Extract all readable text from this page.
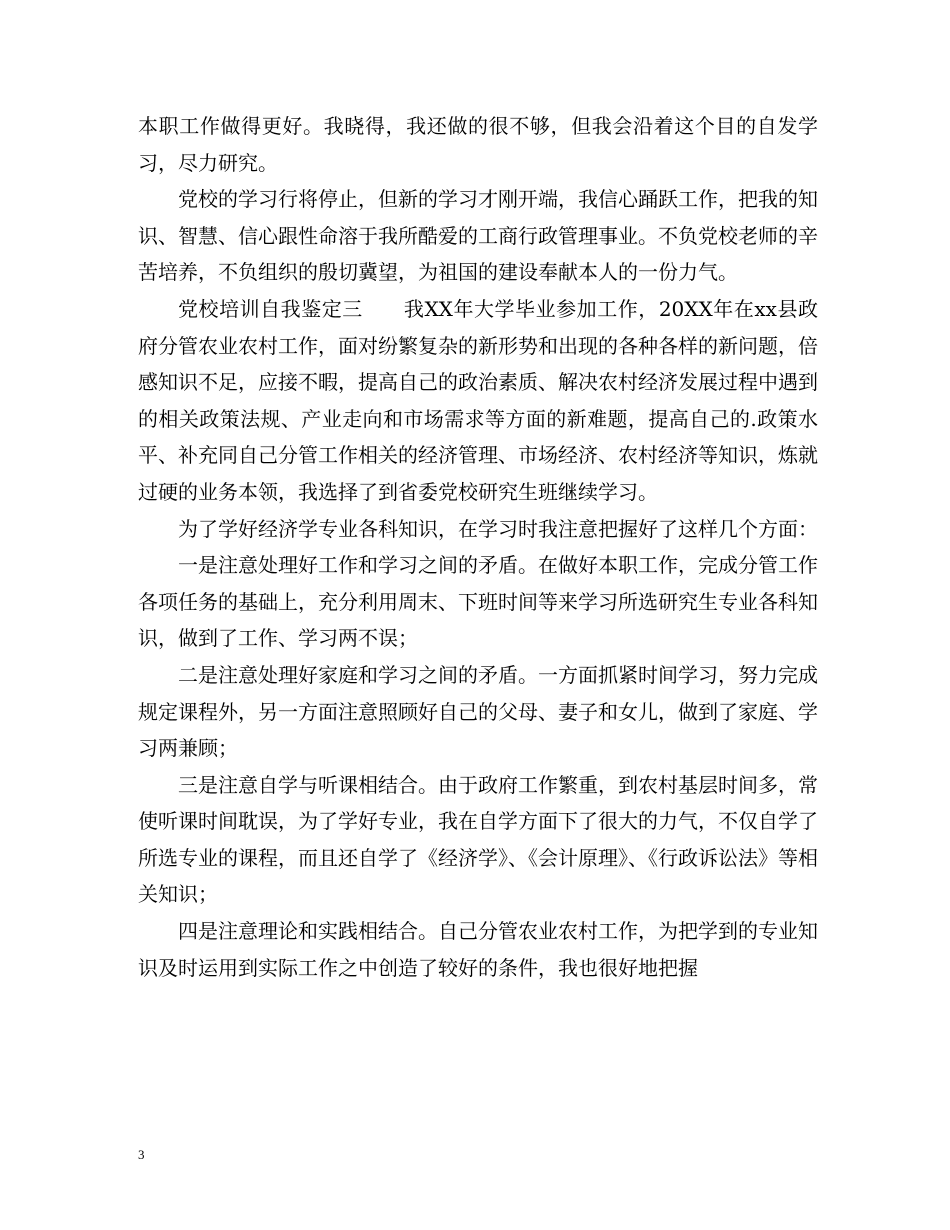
本职工作做得更好。我晓得，我还做的很不够，但我会沿着这个目的自发学习，尽力研究。

党校的学习行将停止，但新的学习才刚开端，我信心踊跃工作，把我的知识、智慧、信心跟性命溶于我所酷爱的工商行政管理事业。不负党校老师的辛苦培养，不负组织的殷切冀望，为祖国的建设奉献本人的一份力气。

党校培训自我鉴定三　　我XX年大学毕业参加工作，20XX年在xx县政府分管农业农村工作，面对纷繁复杂的新形势和出现的各种各样的新问题，倍感知识不足，应接不暇，提高自己的政治素质、解决农村经济发展过程中遇到的相关政策法规、产业走向和市场需求等方面的新难题，提高自己的.政策水平、补充同自己分管工作相关的经济管理、市场经济、农村经济等知识，炼就过硬的业务本领，我选择了到省委党校研究生班继续学习。

为了学好经济学专业各科知识，在学习时我注意把握好了这样几个方面：

一是注意处理好工作和学习之间的矛盾。在做好本职工作，完成分管工作各项任务的基础上，充分利用周末、下班时间等来学习所选研究生专业各科知识，做到了工作、学习两不误；

二是注意处理好家庭和学习之间的矛盾。一方面抓紧时间学习，努力完成规定课程外，另一方面注意照顾好自己的父母、妻子和女儿，做到了家庭、学习两兼顾；

三是注意自学与听课相结合。由于政府工作繁重，到农村基层时间多，常使听课时间耽误，为了学好专业，我在自学方面下了很大的力气，不仅自学了所选专业的课程，而且还自学了《经济学》、《会计原理》、《行政诉讼法》等相关知识；

四是注意理论和实践相结合。自己分管农业农村工作，为把学到的专业知识及时运用到实际工作之中创造了较好的条件，我也很好地把握

3
